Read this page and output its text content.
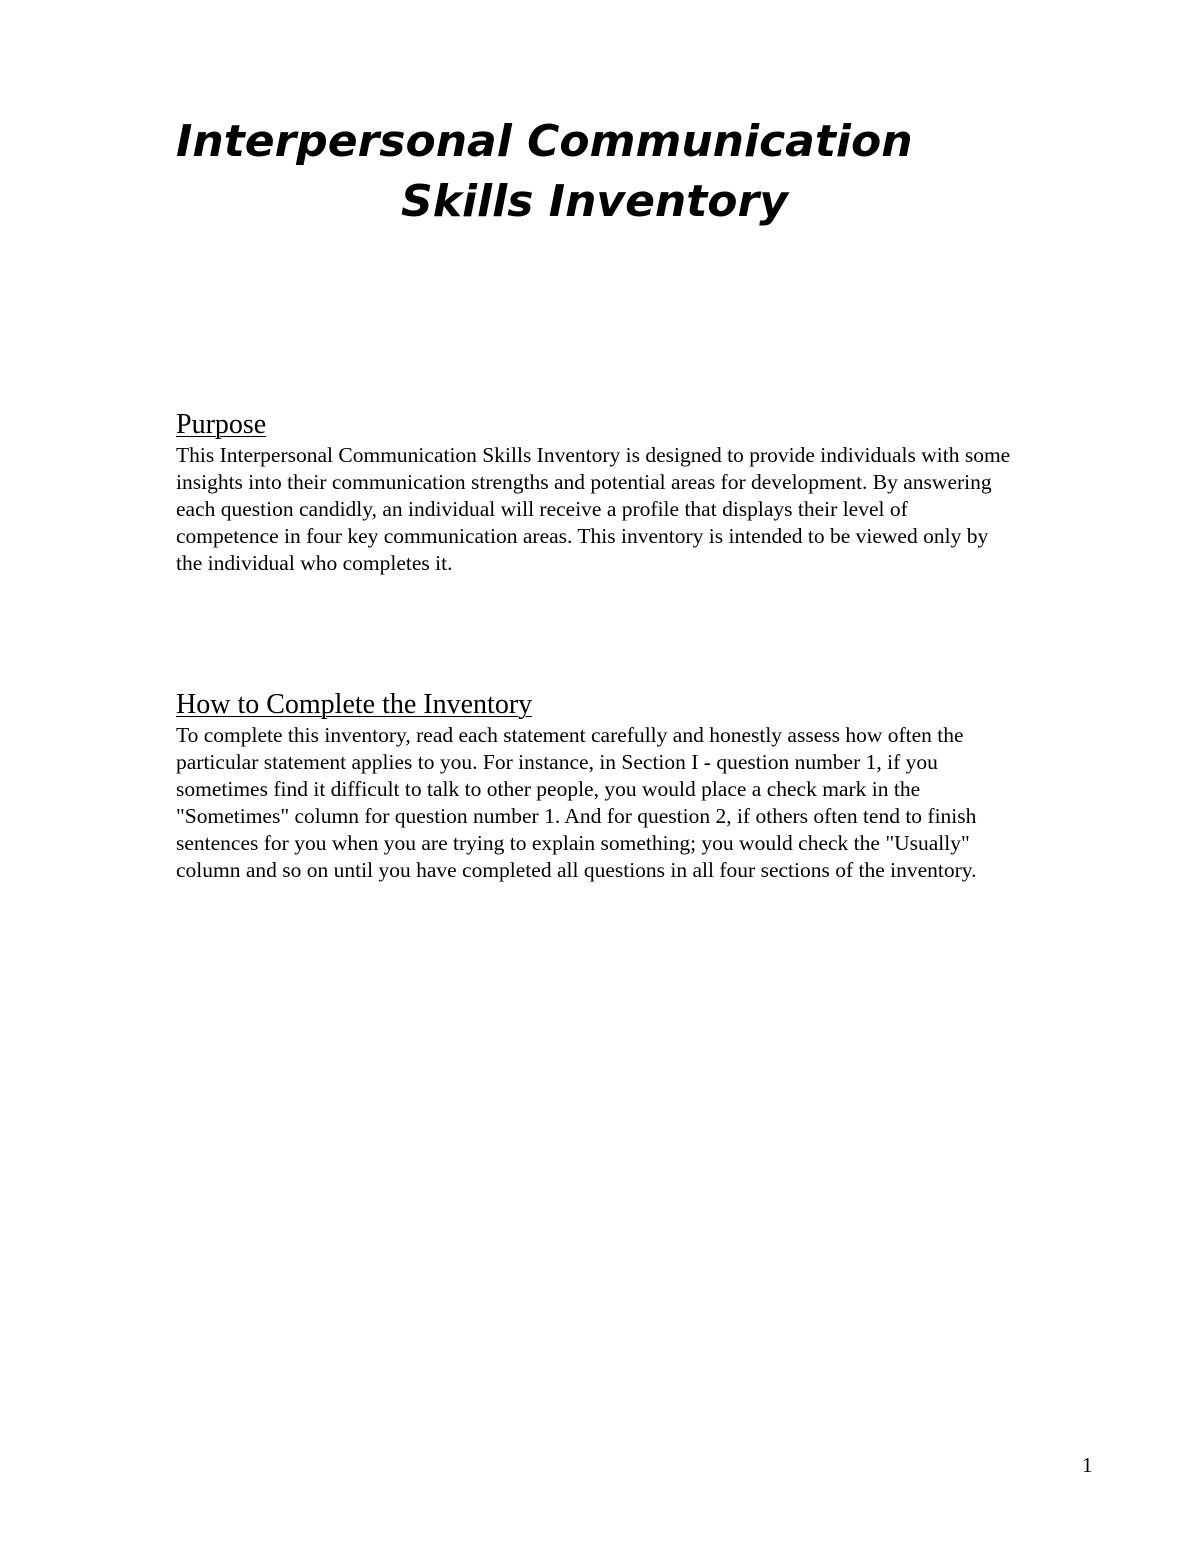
Interpersonal Communication
Skills Inventory
Purpose

This Interpersonal Communication Skills Inventory is designed to provide individuals with some
insights into their communication strengths and potential areas for development. By answering
each question candidly, an individual will receive a profile that displays their level of
competence in four key communication areas. This inventory is intended to be viewed only by
the individual who completes it.

How to Complete the Inventory

To complete this inventory, read each statement carefully and honestly assess how often the
particular statement applies to you. For instance, in Section I - question number 1, if you
sometimes find it difficult to talk to other people, you would place a check mark in the
"Sometimes" column for question number 1. And for question 2, if others often tend to finish
sentences for you when you are trying to explain something; you would check the "Usually"
column and so on until you have completed all questions in all four sections of the inventory.

1
